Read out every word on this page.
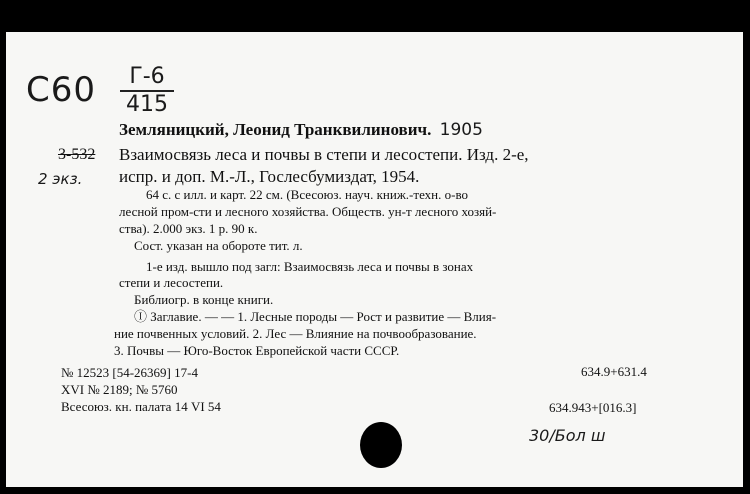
С60	Г-6
415
Земляницкий, Леонид Транквилинович. 1905
3-532
2 экз.
Взаимосвязь леса и почвы в степи и лесостепи. Изд. 2-е,
испр. и доп. М.-Л., Гослесбумиздат, 1954.
64 с. с илл. и карт. 22 см. (Всесоюз. науч. книж.-техн. о-во
лесной пром-сти и лесного хозяйства. Обществ. ун-т лесного хозяй-
ства). 2.000 экз. 1 р. 90 к.
Сост. указан на обороте тит. л.
1-е изд. вышло под загл: Взаимосвязь леса и почвы в зонах
степи и лесостепи.
Библиогр. в конце книги.
Ⓘ Заглавие. — — 1. Лесные породы — Рост и развитие — Влия-
ние почвенных условий. 2. Лес — Влияние на почвообразование.
3. Почвы — Юго-Восток Европейской части СССР.
№ 12523 [54-26369] 17-4
XVI № 2189; № 5760
Всесоюз. кн. палата 14 VI 54
634.9+631.4
634.943+[016.3]
30/Бол ш
